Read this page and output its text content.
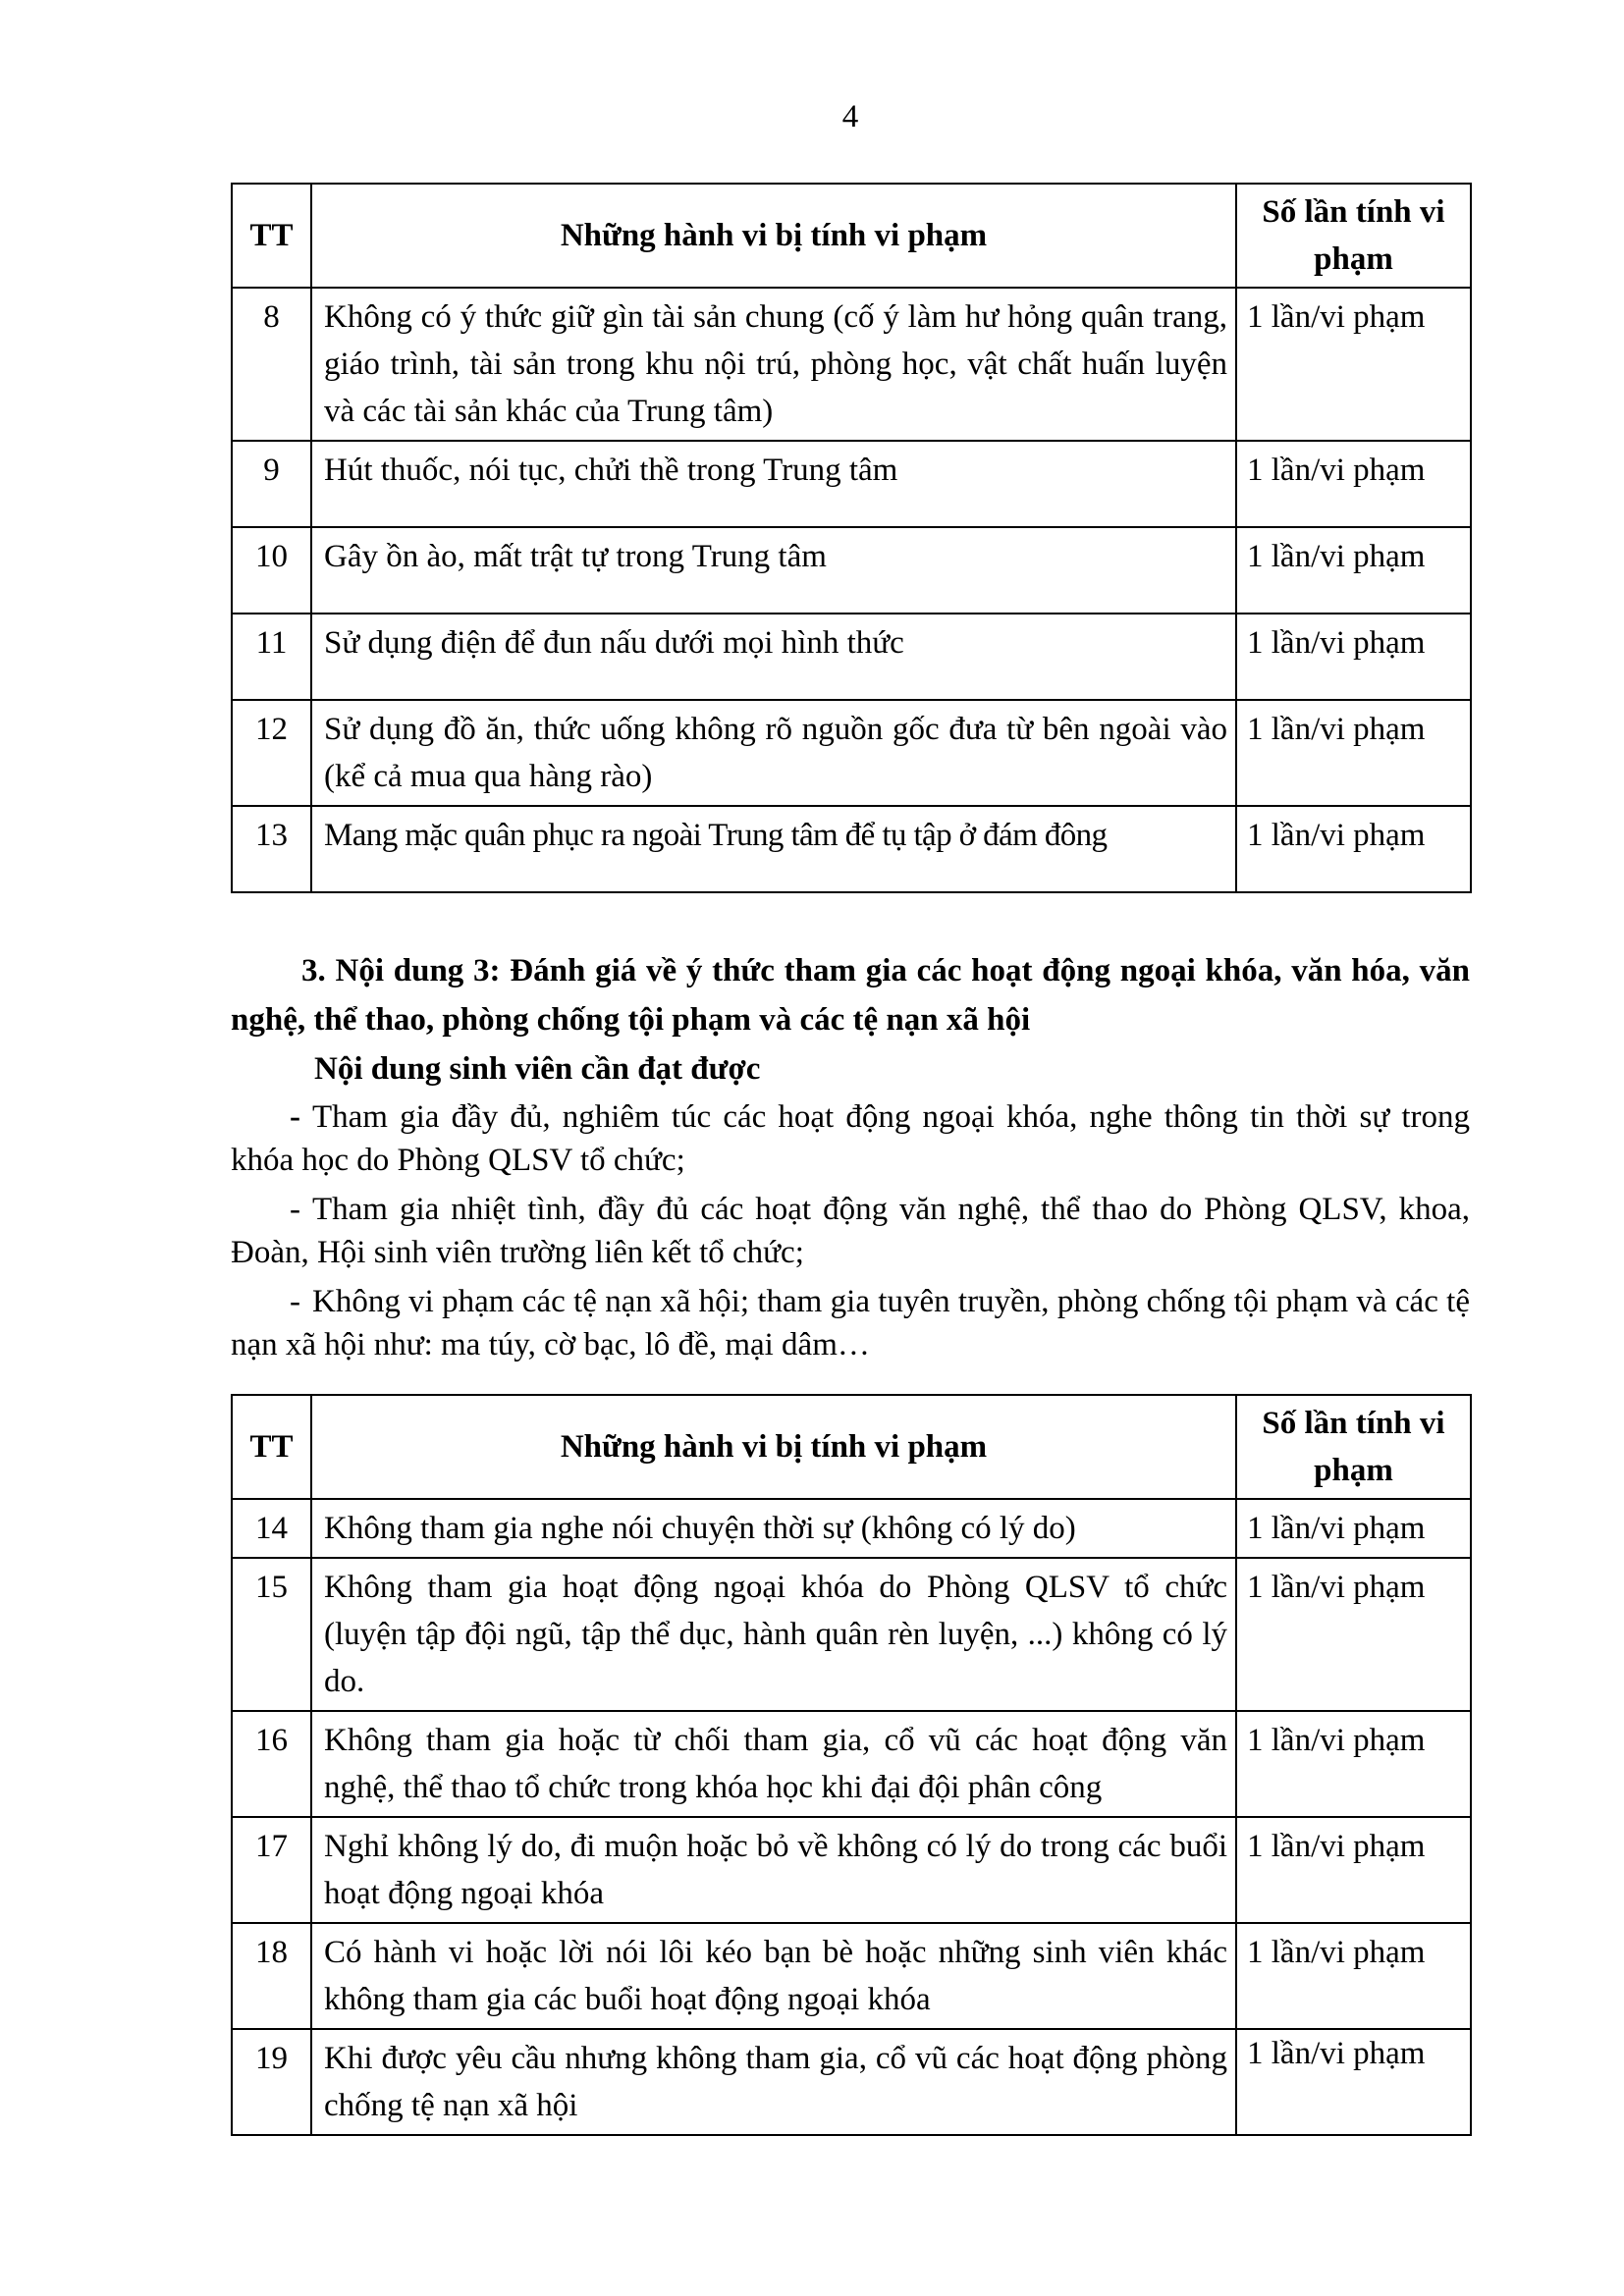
4
TT	Những hành vi bị tính vi phạm	Số lần tính vi phạm
8	Không có ý thức giữ gìn tài sản chung (cố ý làm hư hỏng quân trang, giáo trình, tài sản trong khu nội trú, phòng học, vật chất huấn luyện và các tài sản khác của Trung tâm)	1 lần/vi phạm
9	Hút thuốc, nói tục, chửi thề trong Trung tâm	1 lần/vi phạm
10	Gây ồn ào, mất trật tự trong Trung tâm	1 lần/vi phạm
11	Sử dụng điện để đun nấu dưới mọi hình thức	1 lần/vi phạm
12	Sử dụng đồ ăn, thức uống không rõ nguồn gốc đưa từ bên ngoài vào (kể cả mua qua hàng rào)	1 lần/vi phạm
13	Mang mặc quân phục ra ngoài Trung tâm để tụ tập ở đám đông	1 lần/vi phạm

3. Nội dung 3: Đánh giá về ý thức tham gia các hoạt động ngoại khóa, văn hóa, văn nghệ, thể thao, phòng chống tội phạm và các tệ nạn xã hội

Nội dung sinh viên cần đạt được

- Tham gia đầy đủ, nghiêm túc các hoạt động ngoại khóa, nghe thông tin thời sự trong khóa học do Phòng QLSV tổ chức;

- Tham gia nhiệt tình, đầy đủ các hoạt động văn nghệ, thể thao do Phòng QLSV, khoa, Đoàn, Hội sinh viên trường liên kết tổ chức;

- Không vi phạm các tệ nạn xã hội; tham gia tuyên truyền, phòng chống tội phạm và các tệ nạn xã hội như: ma túy, cờ bạc, lô đề, mại dâm…

TT	Những hành vi bị tính vi phạm	Số lần tính vi phạm
14	Không tham gia nghe nói chuyện thời sự (không có lý do)	1 lần/vi phạm
15	Không tham gia hoạt động ngoại khóa do Phòng QLSV tổ chức (luyện tập đội ngũ, tập thể dục, hành quân rèn luyện, ...) không có lý do.	1 lần/vi phạm
16	Không tham gia hoặc từ chối tham gia, cổ vũ các hoạt động văn nghệ, thể thao tổ chức trong khóa học khi đại đội phân công	1 lần/vi phạm
17	Nghỉ không lý do, đi muộn hoặc bỏ về không có lý do trong các buổi hoạt động ngoại khóa	1 lần/vi phạm
18	Có hành vi hoặc lời nói lôi kéo bạn bè hoặc những sinh viên khác không tham gia các buổi hoạt động ngoại khóa	1 lần/vi phạm
19	Khi được yêu cầu nhưng không tham gia, cổ vũ các hoạt động phòng chống tệ nạn xã hội	1 lần/vi phạm
